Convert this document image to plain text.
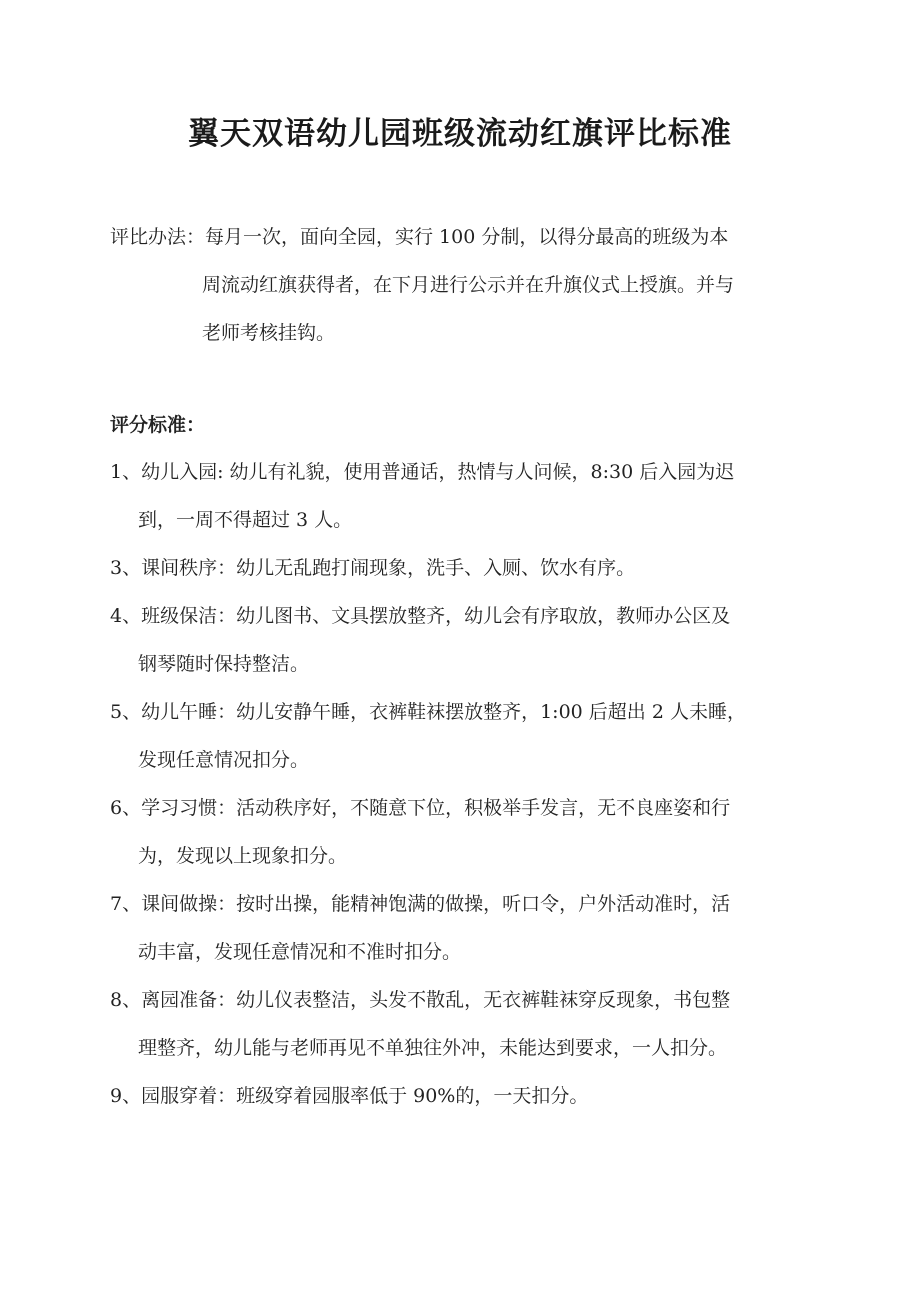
翼天双语幼儿园班级流动红旗评比标准
评比办法：每月一次，面向全园，实行 100 分制，以得分最高的班级为本
周流动红旗获得者，在下月进行公示并在升旗仪式上授旗。并与
老师考核挂钩。
评分标准：
1、幼儿入园: 幼儿有礼貌，使用普通话，热情与人问候，8:30 后入园为迟
到，一周不得超过 3 人。
3、课间秩序：幼儿无乱跑打闹现象，洗手、入厕、饮水有序。
4、班级保洁：幼儿图书、文具摆放整齐，幼儿会有序取放，教师办公区及
钢琴随时保持整洁。
5、幼儿午睡：幼儿安静午睡，衣裤鞋袜摆放整齐，1:00 后超出 2 人未睡，
发现任意情况扣分。
6、学习习惯：活动秩序好，不随意下位，积极举手发言，无不良座姿和行
为，发现以上现象扣分。
7、课间做操：按时出操，能精神饱满的做操，听口令，户外活动准时，活
动丰富，发现任意情况和不准时扣分。
8、离园准备：幼儿仪表整洁，头发不散乱，无衣裤鞋袜穿反现象，书包整
理整齐，幼儿能与老师再见不单独往外冲，未能达到要求，一人扣分。
9、园服穿着：班级穿着园服率低于 90%的，一天扣分。
